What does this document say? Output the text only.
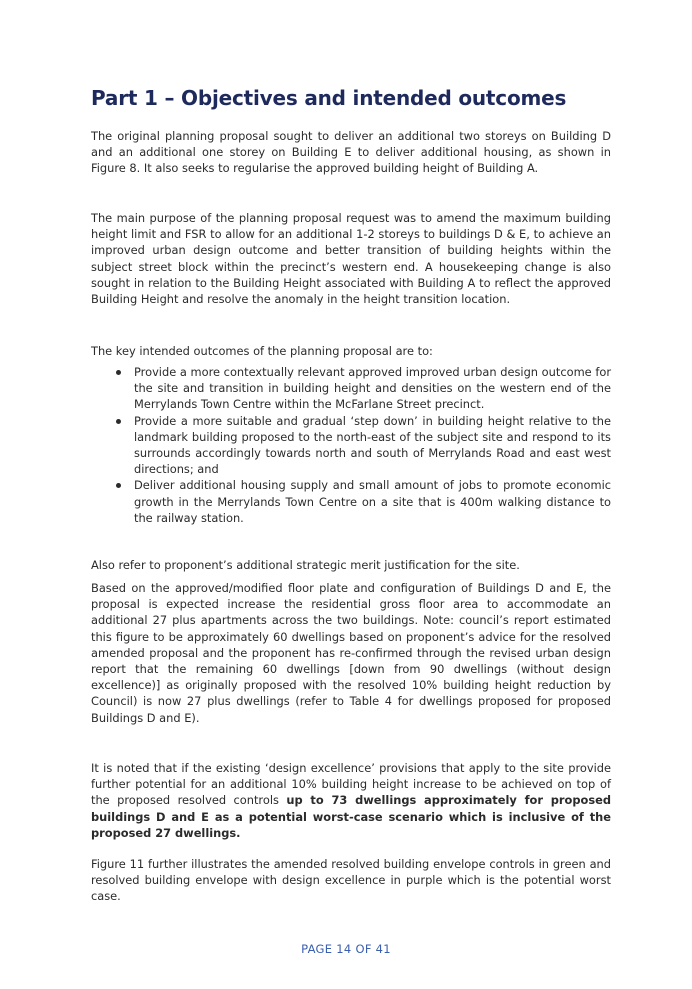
Part 1 – Objectives and intended outcomes

The original planning proposal sought to deliver an additional two storeys on Building D and an additional one storey on Building E to deliver additional housing, as shown in Figure 8. It also seeks to regularise the approved building height of Building A.

The main purpose of the planning proposal request was to amend the maximum building height limit and FSR to allow for an additional 1-2 storeys to buildings D & E, to achieve an improved urban design outcome and better transition of building heights within the subject street block within the precinct’s western end. A housekeeping change is also sought in relation to the Building Height associated with Building A to reflect the approved Building Height and resolve the anomaly in the height transition location.

The key intended outcomes of the planning proposal are to:

Provide a more contextually relevant approved improved urban design outcome for the site and transition in building height and densities on the western end of the Merrylands Town Centre within the McFarlane Street precinct.
Provide a more suitable and gradual ‘step down’ in building height relative to the landmark building proposed to the north-east of the subject site and respond to its surrounds accordingly towards north and south of Merrylands Road and east west directions; and
Deliver additional housing supply and small amount of jobs to promote economic growth in the Merrylands Town Centre on a site that is 400m walking distance to the railway station.

Also refer to proponent’s additional strategic merit justification for the site.

Based on the approved/modified floor plate and configuration of Buildings D and E, the proposal is expected increase the residential gross floor area to accommodate an additional 27 plus apartments across the two buildings. Note: council’s report estimated this figure to be approximately 60 dwellings based on proponent’s advice for the resolved amended proposal and the proponent has re-confirmed through the revised urban design report that the remaining 60 dwellings [down from 90 dwellings (without design excellence)] as originally proposed with the resolved 10% building height reduction by Council) is now 27 plus dwellings (refer to Table 4 for dwellings proposed for proposed Buildings D and E).

It is noted that if the existing ‘design excellence’ provisions that apply to the site provide further potential for an additional 10% building height increase to be achieved on top of the proposed resolved controls up to 73 dwellings approximately for proposed buildings D and E as a potential worst-case scenario which is inclusive of the proposed 27 dwellings.

Figure 11 further illustrates the amended resolved building envelope controls in green and resolved building envelope with design excellence in purple which is the potential worst case.

PAGE 14 OF 41
